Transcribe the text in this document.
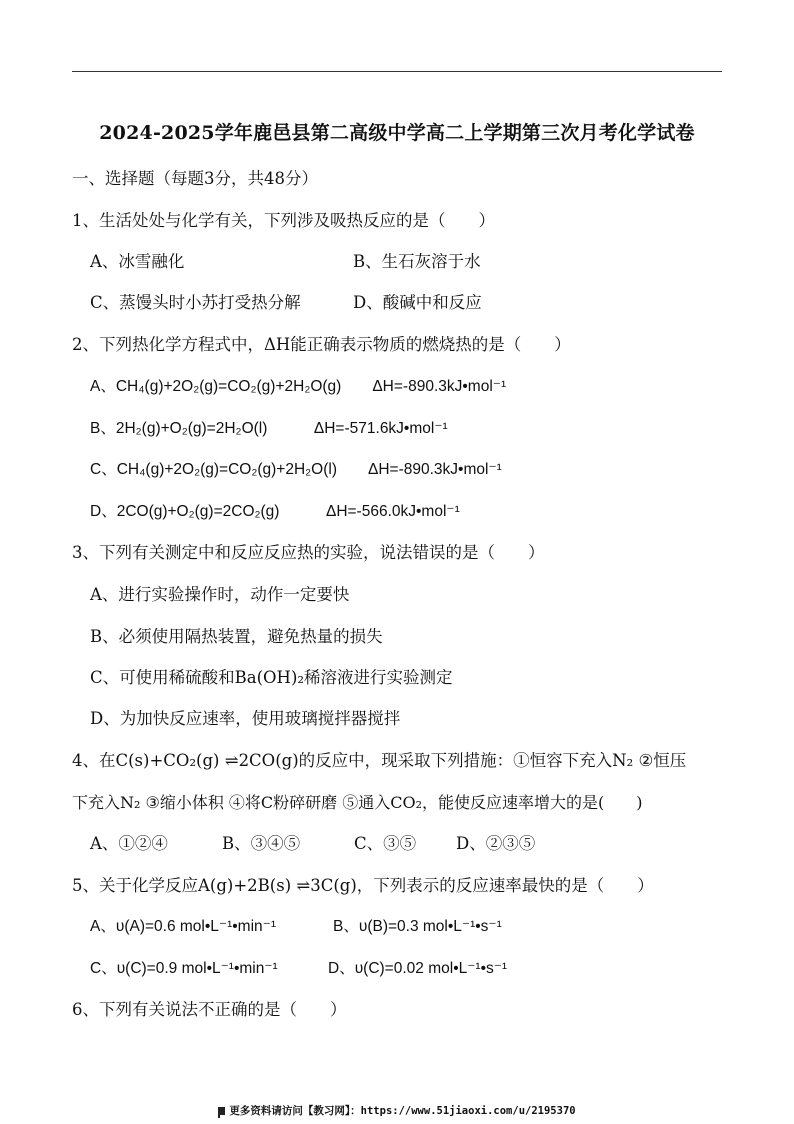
2024-2025学年鹿邑县第二高级中学高二上学期第三次月考化学试卷
一、选择题（每题3分，共48分）
1、生活处处与化学有关，下列涉及吸热反应的是（　　）
A、冰雪融化	B、生石灰溶于水
C、蒸馒头时小苏打受热分解	D、酸碱中和反应
2、下列热化学方程式中，ΔH能正确表示物质的燃烧热的是（　　）
A、CH₄(g)+2O₂(g)=CO₂(g)+2H₂O(g)　　ΔH=-890.3kJ•mol⁻¹
B、2H₂(g)+O₂(g)=2H₂O(l)　　　ΔH=-571.6kJ•mol⁻¹
C、CH₄(g)+2O₂(g)=CO₂(g)+2H₂O(l)　　ΔH=-890.3kJ•mol⁻¹
D、2CO(g)+O₂(g)=2CO₂(g)　　　ΔH=-566.0kJ•mol⁻¹
3、下列有关测定中和反应反应热的实验，说法错误的是（　　）
A、进行实验操作时，动作一定要快
B、必须使用隔热装置，避免热量的损失
C、可使用稀硫酸和Ba(OH)₂稀溶液进行实验测定
D、为加快反应速率，使用玻璃搅拌器搅拌
4、在C(s)+CO₂(g) ⇌2CO(g)的反应中，现采取下列措施：①恒容下充入N₂ ②恒压
下充入N₂ ③缩小体积 ④将C粉碎研磨 ⑤通入CO₂，能使反应速率增大的是(　　)
A、①②④	B、③④⑤	C、③⑤ D、②③⑤
5、关于化学反应A(g)+2B(s) ⇌3C(g)，下列表示的反应速率最快的是（　　）
A、υ(A)=0.6 mol•L⁻¹•min⁻¹	B、υ(B)=0.3 mol•L⁻¹•s⁻¹
C、υ(C)=0.9 mol•L⁻¹•min⁻¹	D、υ(C)=0.02 mol•L⁻¹•s⁻¹
6、下列有关说法不正确的是（　　）
更多资料请访问【教习网】：https://www.51jiaoxi.com/u/2195370
